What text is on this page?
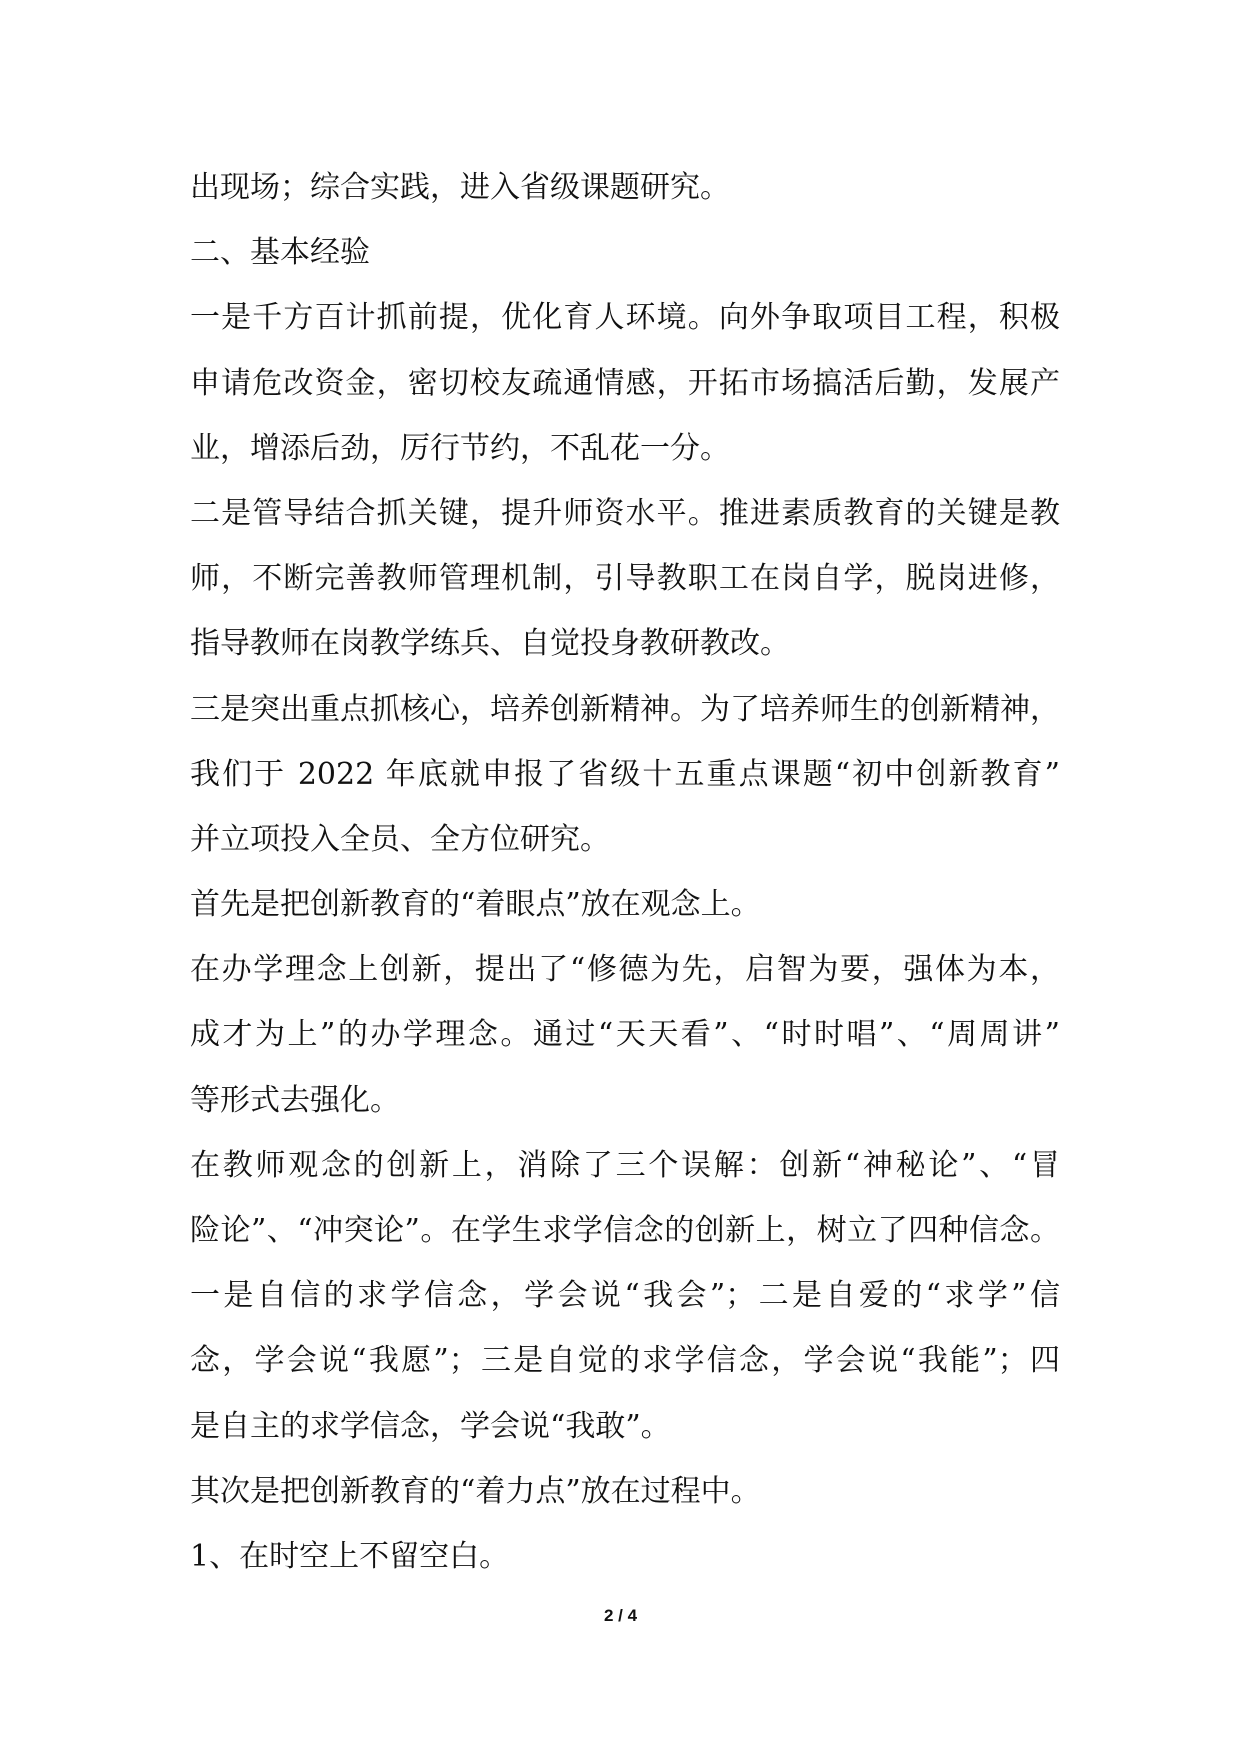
出现场；综合实践，进入省级课题研究。
二、基本经验
一是千方百计抓前提，优化育人环境。向外争取项目工程，积极
申请危改资金，密切校友疏通情感，开拓市场搞活后勤，发展产
业，增添后劲，厉行节约，不乱花一分。
二是管导结合抓关键，提升师资水平。推进素质教育的关键是教
师，不断完善教师管理机制，引导教职工在岗自学，脱岗进修，
指导教师在岗教学练兵、自觉投身教研教改。
三是突出重点抓核心，培养创新精神。为了培养师生的创新精神，
我们于 2022 年底就申报了省级十五重点课题“初中创新教育”
并立项投入全员、全方位研究。
首先是把创新教育的“着眼点”放在观念上。
在办学理念上创新，提出了“修德为先，启智为要，强体为本，
成才为上”的办学理念。通过“天天看”、“时时唱”、“周周讲”
等形式去强化。
在教师观念的创新上，消除了三个误解：创新“神秘论”、“冒
险论”、“冲突论”。在学生求学信念的创新上，树立了四种信念。
一是自信的求学信念，学会说“我会”；二是自爱的“求学”信
念，学会说“我愿”；三是自觉的求学信念，学会说“我能”；四
是自主的求学信念，学会说“我敢”。
其次是把创新教育的“着力点”放在过程中。
1、在时空上不留空白。
2 / 4
